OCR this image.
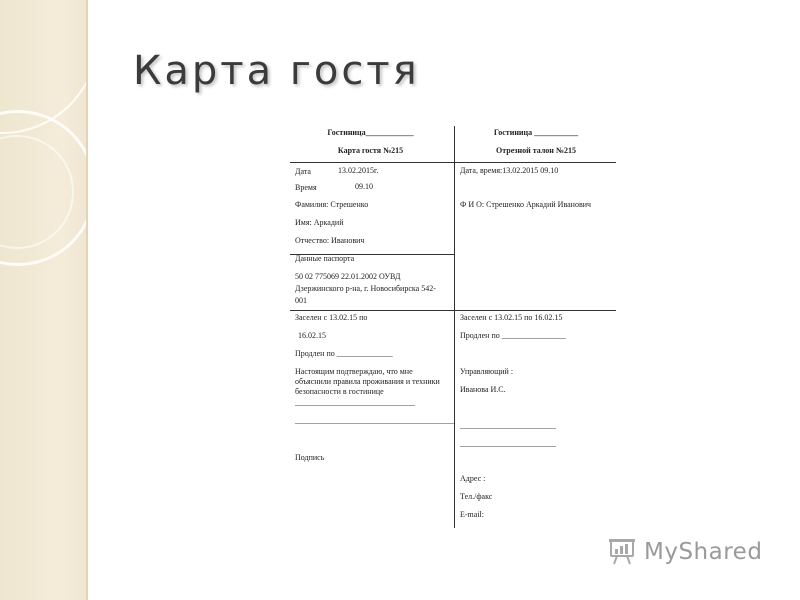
Карта гостя
Гостиница____________
Карта гостя №215
Дата	13.02.2015г.
Время	09.10
Фамилия: Стрешенко
Имя: Аркадий
Отчество: Иванович
Данные паспорта
50 02 775069 22.01.2002 ОУВД
Дзержинского р-на, г. Новосибирска 542-
001
Заселен с 13.02.15 по
16.02.15
Продлен по ______________
Настоящим подтверждаю, что мне объяснили правила проживания и техники безопасности в гостинице
______________________________
________________________________________
Подпись
Гостиница ___________
Отрезной талон №215
Дата, время:13.02.2015 09.10
Ф И О: Стрешенко Аркадий Иванович
Заселен с 13.02.15 по 16.02.15
Продлен по ________________
Управляющий :
Иванова И.С.
________________________
________________________
Адрес :
Тел./факс
E-mail:
MyShared
